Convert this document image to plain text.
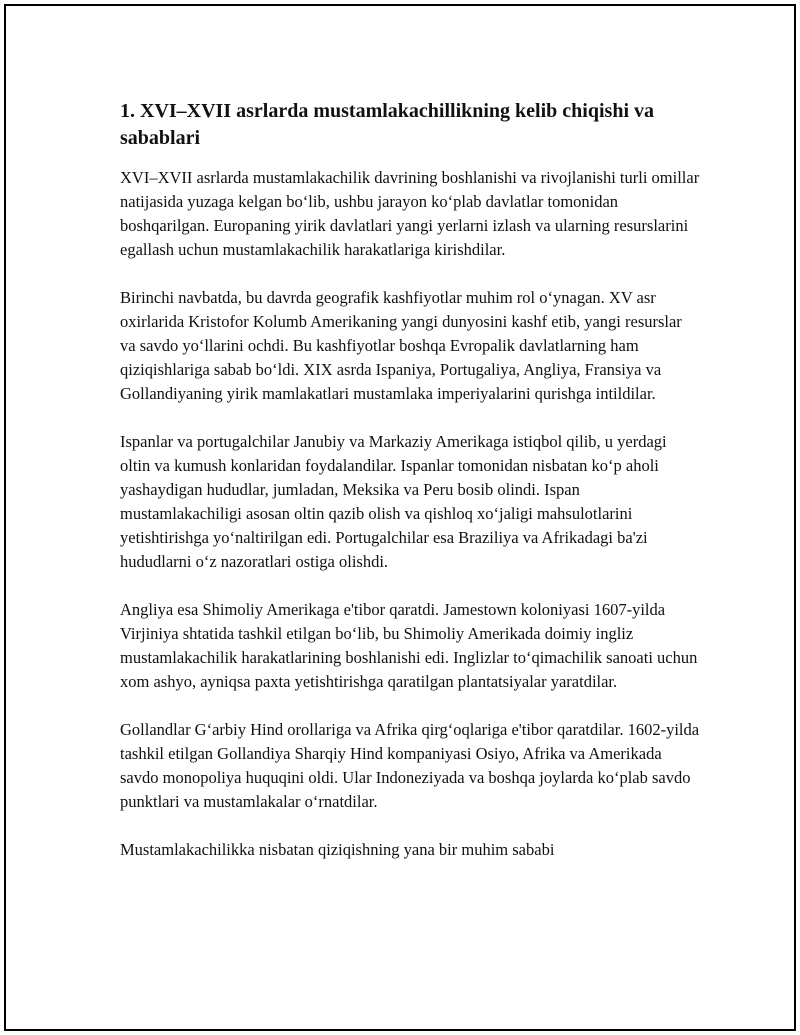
1. XVI–XVII asrlarda mustamlakachillikning kelib chiqishi va sabablari

XVI–XVII asrlarda mustamlakachilik davrining boshlanishi va rivojlanishi turli omillar natijasida yuzaga kelgan bo‘lib, ushbu jarayon ko‘plab davlatlar tomonidan boshqarilgan. Europaning yirik davlatlari yangi yerlarni izlash va ularning resurslarini egallash uchun mustamlakachilik harakatlariga kirishdilar.

Birinchi navbatda, bu davrda geografik kashfiyotlar muhim rol o‘ynagan. XV asr oxirlarida Kristofor Kolumb Amerikaning yangi dunyosini kashf etib, yangi resurslar va savdo yo‘llarini ochdi. Bu kashfiyotlar boshqa Evropalik davlatlarning ham qiziqishlariga sabab bo‘ldi. XIX asrda Ispaniya, Portugaliya, Angliya, Fransiya va Gollandiyaning yirik mamlakatlari mustamlaka imperiyalarini qurishga intildilar.

Ispanlar va portugalchilar Janubiy va Markaziy Amerikaga istiqbol qilib, u yerdagi oltin va kumush konlaridan foydalandilar. Ispanlar tomonidan nisbatan ko‘p aholi yashaydigan hududlar, jumladan, Meksika va Peru bosib olindi. Ispan mustamlakachiligi asosan oltin qazib olish va qishloq xo‘jaligi mahsulotlarini yetishtirishga yo‘naltirilgan edi. Portugalchilar esa Braziliya va Afrikadagi ba'zi hududlarni o‘z nazoratlari ostiga olishdi.

Angliya esa Shimoliy Amerikaga e'tibor qaratdi. Jamestown koloniyasi 1607-yilda Virjiniya shtatida tashkil etilgan bo‘lib, bu Shimoliy Amerikada doimiy ingliz mustamlakachilik harakatlarining boshlanishi edi. Inglizlar to‘qimachilik sanoati uchun xom ashyo, ayniqsa paxta yetishtirishga qaratilgan plantatsiyalar yaratdilar.

Gollandlar G‘arbiy Hind orollariga va Afrika qirg‘oqlariga e'tibor qaratdilar. 1602-yilda tashkil etilgan Gollandiya Sharqiy Hind kompaniyasi Osiyo, Afrika va Amerikada savdo monopoliya huquqini oldi. Ular Indoneziyada va boshqa joylarda ko‘plab savdo punktlari va mustamlakalar o‘rnatdilar.

Mustamlakachilikka nisbatan qiziqishning yana bir muhim sababi
